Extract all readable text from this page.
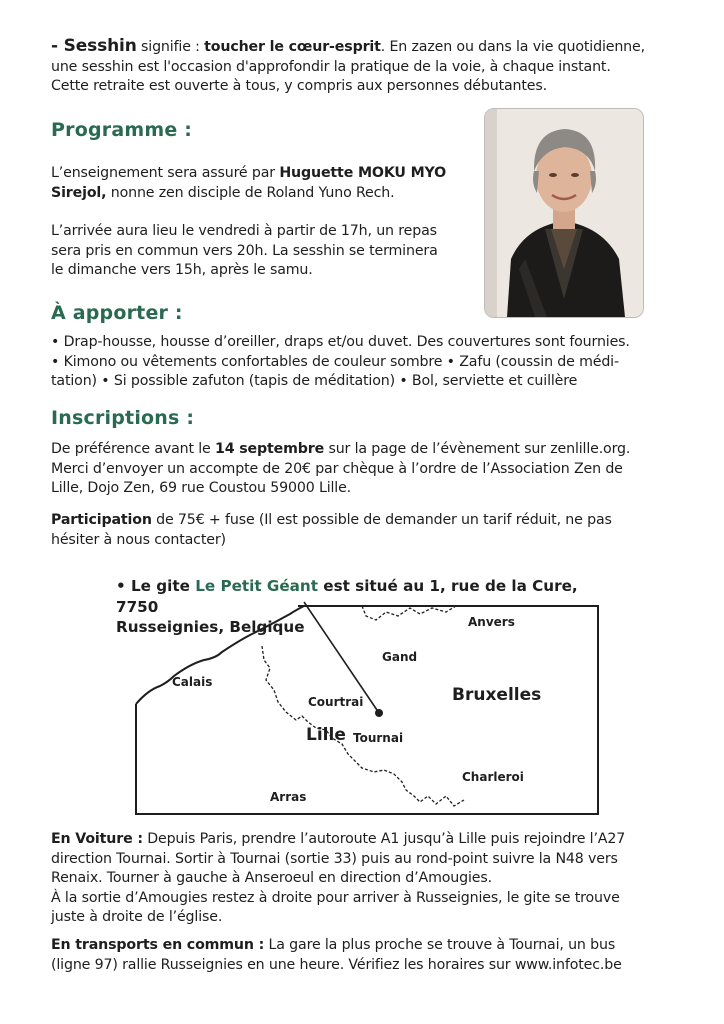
- Sesshin signifie : toucher le cœur-esprit. En zazen ou dans la vie quotidienne,

une sesshin est l'occasion d'approfondir la pratique de la voie, à chaque instant.

Cette retraite est ouverte à tous, y compris aux personnes débutantes.

Programme :

L’enseignement sera assuré par Huguette MOKU MYO

Sirejol, nonne zen disciple de Roland Yuno Rech.

L’arrivée aura lieu le vendredi à partir de 17h, un repas

sera pris en commun vers 20h. La sesshin se terminera

le dimanche vers 15h, après le samu.

À apporter :

• Drap-housse, housse d’oreiller, draps et/ou duvet. Des couvertures sont fournies.

• Kimono ou vêtements confortables de couleur sombre • Zafu (coussin de médi-

tation) • Si possible zafuton (tapis de méditation) • Bol, serviette et cuillère

Inscriptions :

De préférence avant le 14 septembre sur la page de l’évènement sur zenlille.org.

Merci d’envoyer un accompte de 20€ par chèque à l’ordre de l’Association Zen de

Lille, Dojo Zen, 69 rue Coustou 59000 Lille.

Participation de 75€ + fuse (Il est possible de demander un tarif réduit, ne pas

hésiter à nous contacter)

• Le gite Le Petit Géant est situé au 1, rue de la Cure, 7750

Russeignies, Belgique	Anvers
Gand
Calais
Bruxelles
Courtrai
Lille Tournai
Charleroi
Arras

En Voiture : Depuis Paris, prendre l’autoroute A1 jusqu’à Lille puis rejoindre l’A27

direction Tournai. Sortir à Tournai (sortie 33) puis au rond-point suivre la N48 vers

Renaix. Tourner à gauche à Anseroeul en direction d’Amougies.

À la sortie d’Amougies restez à droite pour arriver à Russeignies, le gite se trouve

juste à droite de l’église.

En transports en commun : La gare la plus proche se trouve à Tournai, un bus

(ligne 97) rallie Russeignies en une heure. Vérifiez les horaires sur www.infotec.be
